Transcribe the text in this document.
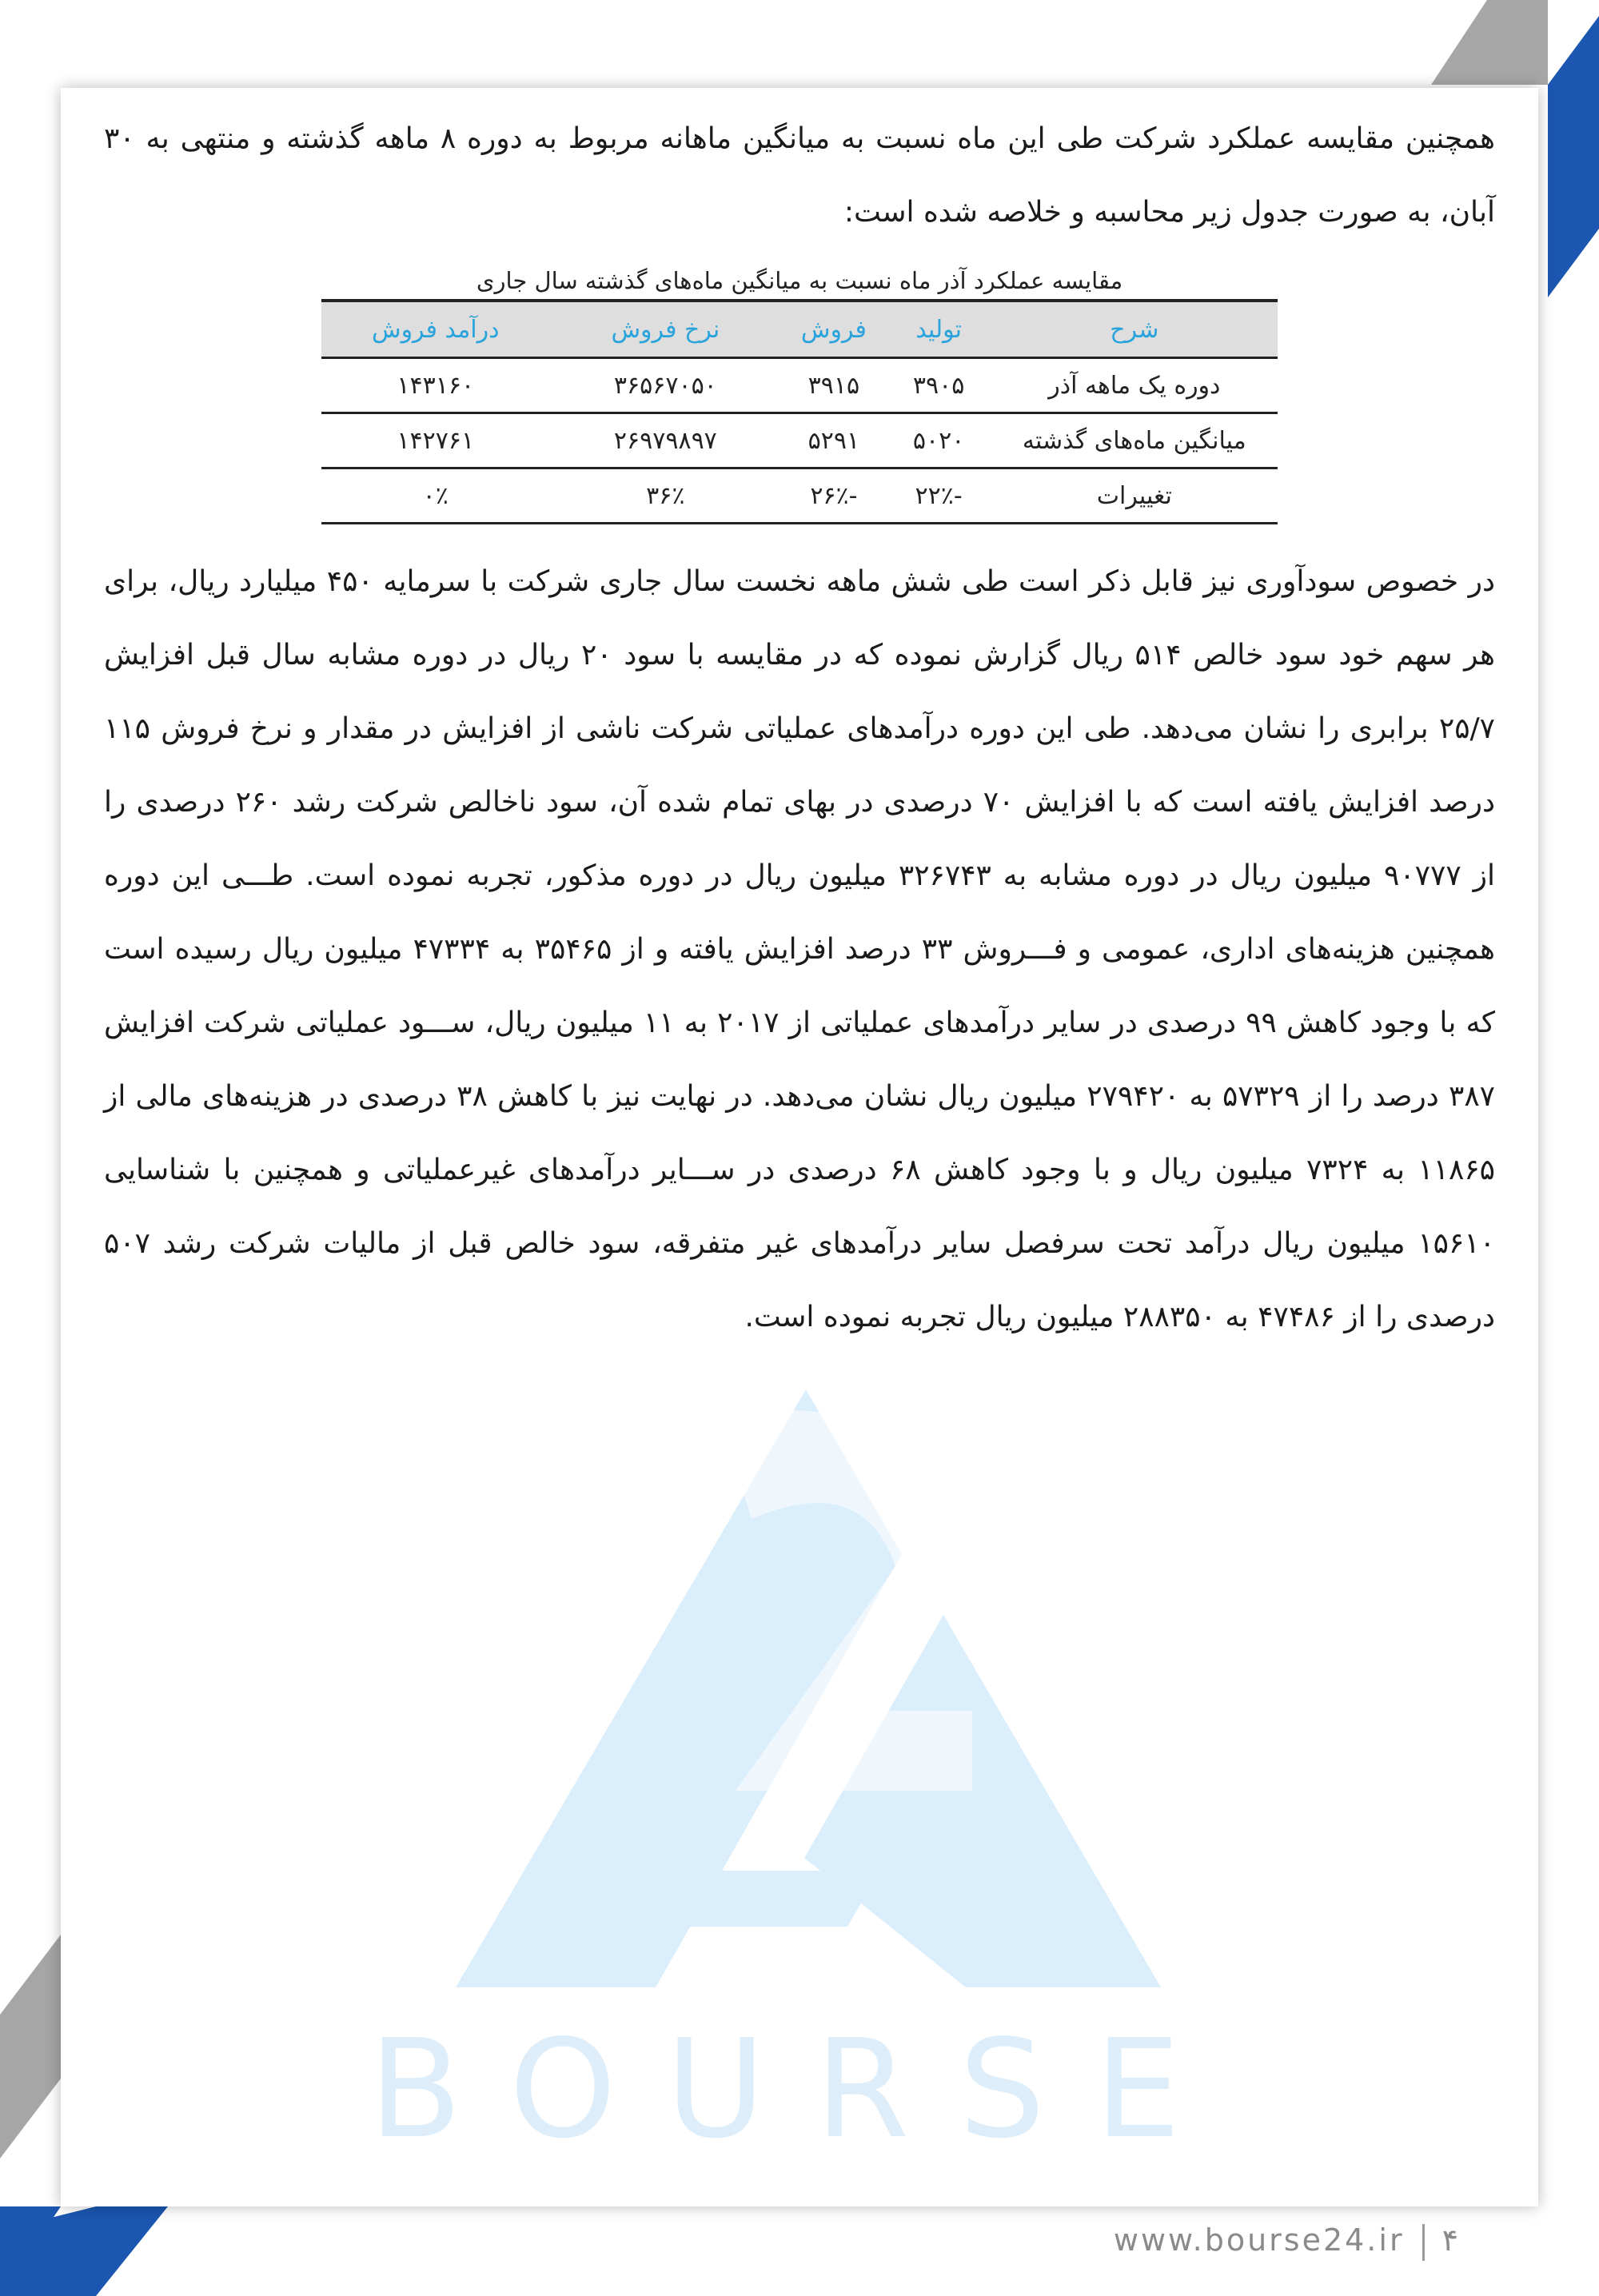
BOURSE

همچنین مقایسه عملکرد شرکت طی این ماه نسبت به میانگین ماهانه مربوط به دوره ۸ ماهه گذشته و منتهی به ۳۰ آبان، به صورت جدول زیر محاسبه و خلاصه شده است:

مقایسه عملکرد آذر ماه نسبت به میانگین ماه‌های گذشته سال جاری
شرح	تولید	فروش	نرخ فروش	درآمد فروش
دوره یک ماهه آذر	۳۹۰۵	۳۹۱۵	۳۶۵۶۷۰۵۰	۱۴۳۱۶۰
میانگین ماه‌های گذشته	۵۰۲۰	۵۲۹۱	۲۶۹۷۹۸۹۷	۱۴۲۷۶۱
تغییرات	-۲۲٪	-۲۶٪	۳۶٪	۰٪

در خصوص سودآوری نیز قابل ذکر است طی شش ماهه نخست سال جاری شرکت با سرمایه ۴۵۰ میلیارد ریال، برای هر سهم خود سود خالص ۵۱۴ ریال گزارش نموده که در مقایسه با سود ۲۰ ریال در دوره مشابه سال قبل افزایش ۲۵/۷ برابری را نشان می‌دهد. طی این دوره درآمدهای عملیاتی شرکت ناشی از افزایش در مقدار و نرخ فروش ۱۱۵ درصد افزایش یافته است که با افزایش ۷۰ درصدی در بهای تمام شده آن، سود ناخالص شرکت رشد ۲۶۰ درصدی را از ۹۰۷۷۷ میلیون ریال در دوره مشابه به ۳۲۶۷۴۳ میلیون ریال در دوره مذکور، تجربه نموده است. طـــی این دوره همچنین هزینه‌های اداری، عمومی و فـــروش ۳۳ درصد افزایش یافته و از ۳۵۴۶۵ به ۴۷۳۳۴ میلیون ریال رسیده است که با وجود کاهش ۹۹ درصدی در سایر درآمدهای عملیاتی از ۲۰۱۷ به ۱۱ میلیون ریال، ســـود عملیاتی شرکت افزایش ۳۸۷ درصد را از ۵۷۳۲۹ به ۲۷۹۴۲۰ میلیون ریال نشان می‌دهد. در نهایت نیز با کاهش ۳۸ درصدی در هزینه‌های مالی از ۱۱۸۶۵ به ۷۳۲۴ میلیون ریال و با وجود کاهش ۶۸ درصدی در ســـایر درآمدهای غیرعملیاتی و همچنین با شناسایی ۱۵۶۱۰ میلیون ریال درآمد تحت سرفصل سایر درآمدهای غیر متفرقه، سود خالص قبل از مالیات شرکت رشد ۵۰۷ درصدی را از ۴۷۴۸۶ به ۲۸۸۳۵۰ میلیون ریال تجربه نموده است.

www.bourse24.ir ۴
